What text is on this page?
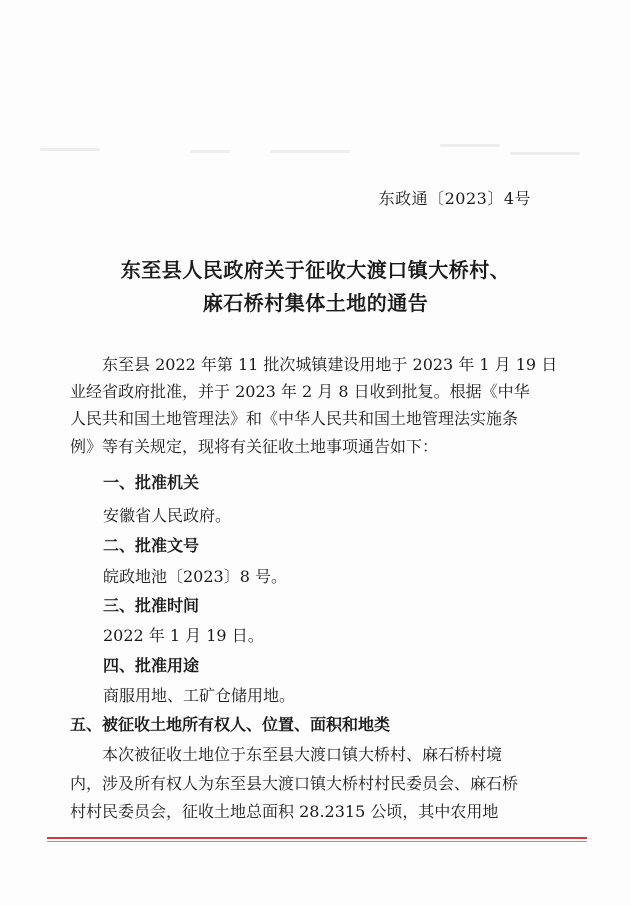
东政通〔2023〕4号
东至县人民政府关于征收大渡口镇大桥村、
麻石桥村集体土地的通告
东至县 2022 年第 11 批次城镇建设用地于 2023 年 1 月 19 日
业经省政府批准，并于 2023 年 2 月 8 日收到批复。根据《中华
人民共和国土地管理法》和《中华人民共和国土地管理法实施条
例》等有关规定，现将有关征收土地事项通告如下：
一、批准机关
安徽省人民政府。
二、批准文号
皖政地池〔2023〕8 号。
三、批准时间
2022 年 1 月 19 日。
四、批准用途
商服用地、工矿仓储用地。
五、被征收土地所有权人、位置、面积和地类
本次被征收土地位于东至县大渡口镇大桥村、麻石桥村境
内，涉及所有权人为东至县大渡口镇大桥村村民委员会、麻石桥
村村民委员会，征收土地总面积 28.2315 公顷，其中农用地
